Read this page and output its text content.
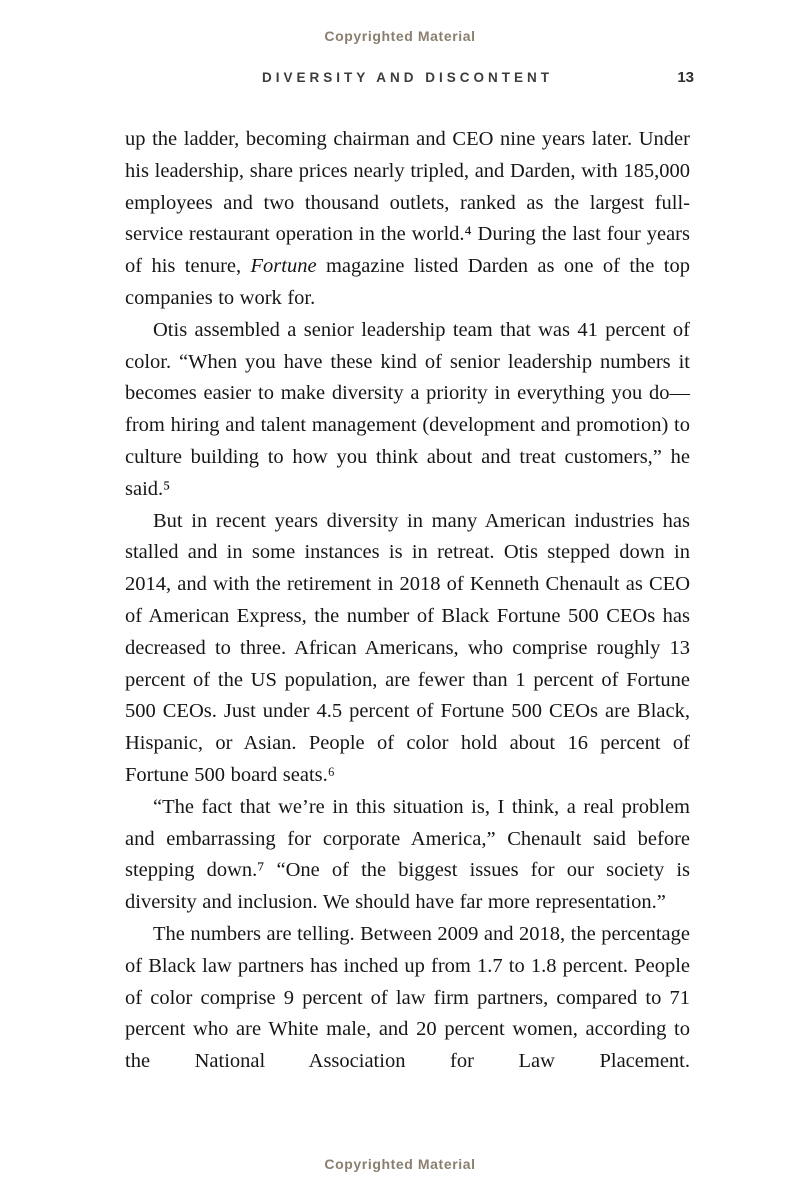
Copyrighted Material
DIVERSITY AND DISCONTENT	13

up the ladder, becoming chairman and CEO nine years later. Under his leadership, share prices nearly tripled, and Darden, with 185,000 employees and two thousand outlets, ranked as the largest full-service restaurant operation in the world.⁴ During the last four years of his tenure, Fortune magazine listed Darden as one of the top companies to work for.

Otis assembled a senior leadership team that was 41 percent of color. “When you have these kind of senior leadership numbers it becomes easier to make diversity a priority in everything you do—from hiring and talent management (development and promotion) to culture building to how you think about and treat customers,” he said.⁵

But in recent years diversity in many American industries has stalled and in some instances is in retreat. Otis stepped down in 2014, and with the retirement in 2018 of Kenneth Chenault as CEO of American Express, the number of Black Fortune 500 CEOs has decreased to three. African Americans, who comprise roughly 13 percent of the US population, are fewer than 1 percent of Fortune 500 CEOs. Just under 4.5 percent of Fortune 500 CEOs are Black, Hispanic, or Asian. People of color hold about 16 percent of Fortune 500 board seats.⁶

“The fact that we’re in this situation is, I think, a real problem and embarrassing for corporate America,” Chenault said before stepping down.⁷ “One of the biggest issues for our society is diversity and inclusion. We should have far more representation.”

The numbers are telling. Between 2009 and 2018, the percentage of Black law partners has inched up from 1.7 to 1.8 percent. People of color comprise 9 percent of law firm partners, compared to 71 percent who are White male, and 20 percent women, according to the National Association for Law Placement.

Copyrighted Material
